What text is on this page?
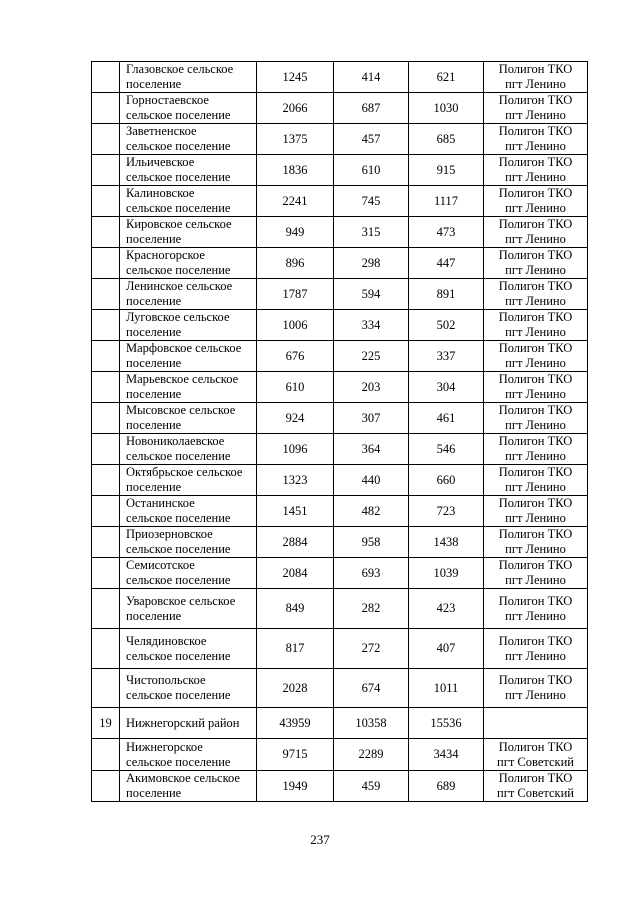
	Глазовское сельское
поселение	1245	414	621	Полигон ТКО
пгт Ленино

	Горностаевское
сельское поселение	2066	687	1030	Полигон ТКО
пгт Ленино

	Заветненское
сельское поселение	1375	457	685	Полигон ТКО
пгт Ленино

	Ильичевское
сельское поселение	1836	610	915	Полигон ТКО
пгт Ленино

	Калиновское
сельское поселение	2241	745	1117	Полигон ТКО
пгт Ленино

	Кировское сельское
поселение	949	315	473	Полигон ТКО
пгт Ленино

	Красногорское
сельское поселение	896	298	447	Полигон ТКО
пгт Ленино

	Ленинское сельское
поселение	1787	594	891	Полигон ТКО
пгт Ленино

	Луговское сельское
поселение	1006	334	502	Полигон ТКО
пгт Ленино

	Марфовское сельское
поселение	676	225	337	Полигон ТКО
пгт Ленино

	Марьевское сельское
поселение	610	203	304	Полигон ТКО
пгт Ленино

	Мысовское сельское
поселение	924	307	461	Полигон ТКО
пгт Ленино

	Новониколаевское
сельское поселение	1096	364	546	Полигон ТКО
пгт Ленино

	Октябрьское сельское
поселение	1323	440	660	Полигон ТКО
пгт Ленино

	Останинское
сельское поселение	1451	482	723	Полигон ТКО
пгт Ленино

	Приозерновское
сельское поселение	2884	958	1438	Полигон ТКО
пгт Ленино

	Семисотское
сельское поселение	2084	693	1039	Полигон ТКО
пгт Ленино

	Уваровское сельское
поселение	849	282	423	Полигон ТКО
пгт Ленино

	Челядиновское
сельское поселение	817	272	407	Полигон ТКО
пгт Ленино

	Чистопольское
сельское поселение	2028	674	1011	Полигон ТКО
пгт Ленино

19	Нижнегорский район	43959	10358	15536	

	Нижнегорское
сельское поселение	9715	2289	3434	Полигон ТКО
пгт Советский

	Акимовское сельское
поселение	1949	459	689	Полигон ТКО
пгт Советский
237
